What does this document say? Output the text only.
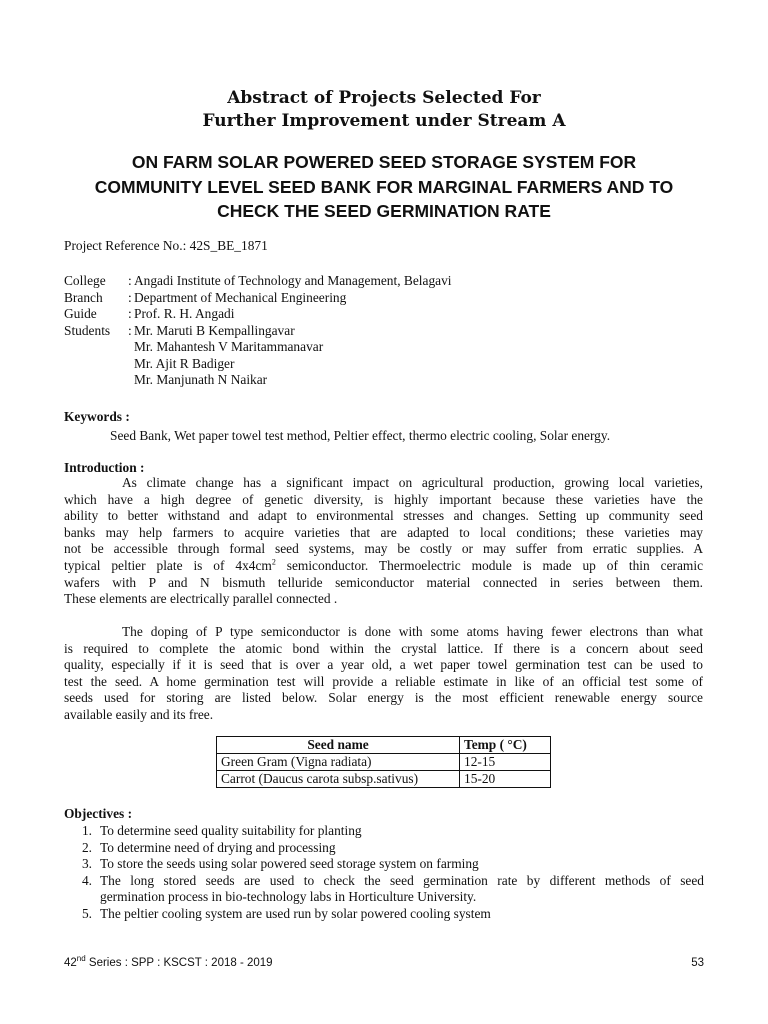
Abstract of Projects Selected For
Further Improvement under Stream A
ON FARM SOLAR POWERED SEED STORAGE SYSTEM FOR
COMMUNITY LEVEL SEED BANK FOR MARGINAL FARMERS AND TO
CHECK THE SEED GERMINATION RATE
Project Reference No.: 42S_BE_1871
College	: Angadi Institute of Technology and Management, Belagavi
Branch	: Department of Mechanical Engineering
Guide	: Prof. R. H. Angadi
Students	: Mr. Maruti B Kempallingavar
Mr. Mahantesh V Maritammanavar
Mr. Ajit R Badiger
Mr. Manjunath N Naikar
Keywords :
Seed Bank, Wet paper towel test method, Peltier effect, thermo electric cooling, Solar energy.
Introduction :
As climate change has a significant impact on agricultural production, growing local varieties,
which have a high degree of genetic diversity, is highly important because these varieties have the
ability to better withstand and adapt to environmental stresses and changes. Setting up community seed
banks may help farmers to acquire varieties that are adapted to local conditions; these varieties may
not be accessible through formal seed systems, may be costly or may suffer from erratic supplies. A
typical peltier plate is of $4x4cm^2$ semiconductor. Thermoelectric module is made up of thin ceramic
wafers with P and N bismuth telluride semiconductor material connected in series between them.
These elements are electrically parallel connected .
The doping of P type semiconductor is done with some atoms having fewer electrons than what
is required to complete the atomic bond within the crystal lattice. If there is a concern about seed
quality, especially if it is seed that is over a year old, a wet paper towel germination test can be used to
test the seed. A home germination test will provide a reliable estimate in like of an official test some of
seeds used for storing are listed below. Solar energy is the most efficient renewable energy source
available easily and its free.
Seed name	Temp ( °C)
Green Gram (Vigna radiata)	12-15
Carrot (Daucus carota subsp.sativus)	15-20
Objectives :
1. To determine seed quality suitability for planting
2. To determine need of drying and processing
3. To store the seeds using solar powered seed storage system on farming
4. The long stored seeds are used to check the seed germination rate by different methods of seed
germination process in bio-technology labs in Horticulture University.
5. The peltier cooling system are used run by solar powered cooling system
42nd Series : SPP : KSCST : 2018 - 2019	53
